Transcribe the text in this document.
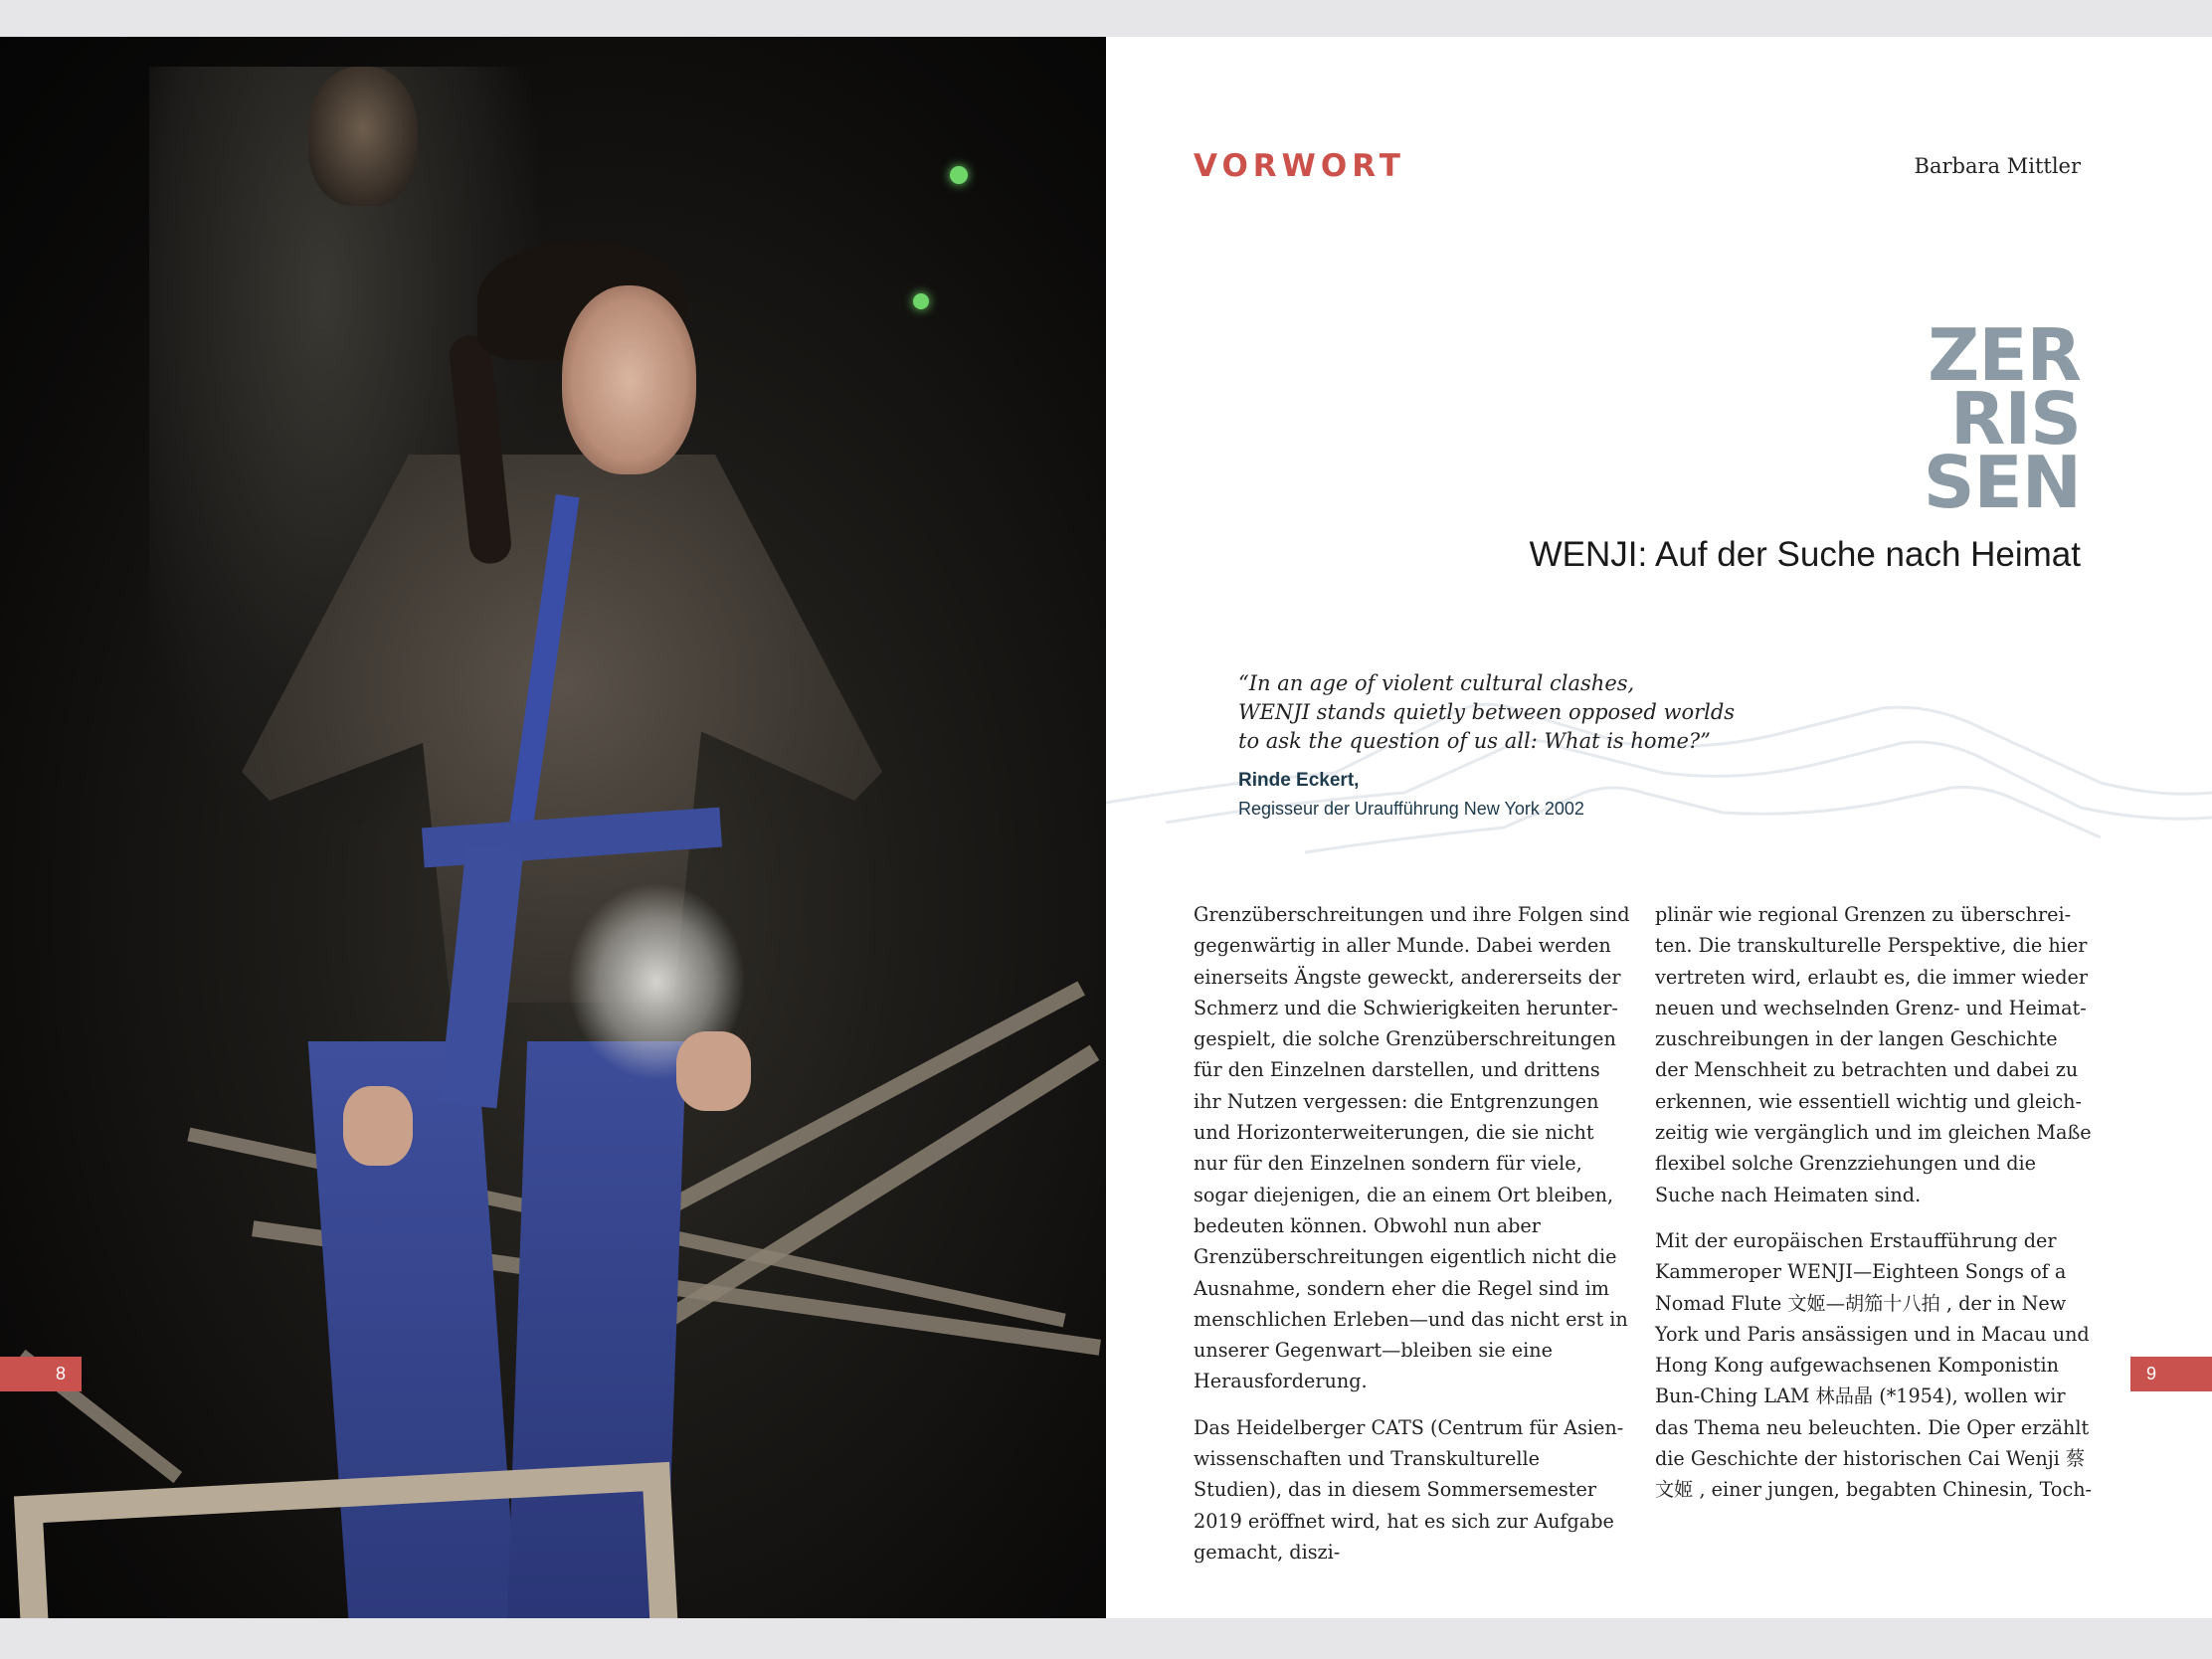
8	9
VORWORT	Barbara Mittler
ZER
RIS
SEN
WENJI: Auf der Suche nach Heimat
“In an age of violent cultural clashes,
WENJI stands quietly between opposed worlds
to ask the question of us all: What is home?”
Rinde Eckert,
Regisseur der Uraufführung New York 2002

Grenzüberschreitungen und ihre Folgen sind gegenwärtig in aller Munde. Dabei werden einerseits Ängste geweckt, andererseits der Schmerz und die Schwierigkeiten heruntergespielt, die solche Grenzüberschreitungen für den Einzelnen darstellen, und drittens ihr Nutzen vergessen: die Entgrenzungen und Horizonterweiterungen, die sie nicht nur für den Einzelnen sondern für viele, sogar diejenigen, die an einem Ort bleiben, bedeuten können. Obwohl nun aber Grenzüberschreitungen eigentlich nicht die Ausnahme, sondern eher die Regel sind im menschlichen Erleben—und das nicht erst in unserer Gegenwart—bleiben sie eine Herausforderung.

Das Heidelberger CATS (Centrum für Asienwissenschaften und Transkulturelle Studien), das in diesem Sommersemester 2019 eröffnet wird, hat es sich zur Aufgabe gemacht, diszi-

plinär wie regional Grenzen zu überschreiten. Die transkulturelle Perspektive, die hier vertreten wird, erlaubt es, die immer wieder neuen und wechselnden Grenz- und Heimatzuschreibungen in der langen Geschichte der Menschheit zu betrachten und dabei zu erkennen, wie essentiell wichtig und gleichzeitig wie vergänglich und im gleichen Maße flexibel solche Grenzziehungen und die Suche nach Heimaten sind.

Mit der europäischen Erstaufführung der Kammeroper WENJI—Eighteen Songs of a Nomad Flute 文姬—胡笳十八拍 , der in New York und Paris ansässigen und in Macau und Hong Kong aufgewachsenen Komponistin Bun-Ching LAM 林品晶 (*1954), wollen wir das Thema neu beleuchten. Die Oper erzählt die Geschichte der historischen Cai Wenji 蔡 文姬 , einer jungen, begabten Chinesin, Toch-
